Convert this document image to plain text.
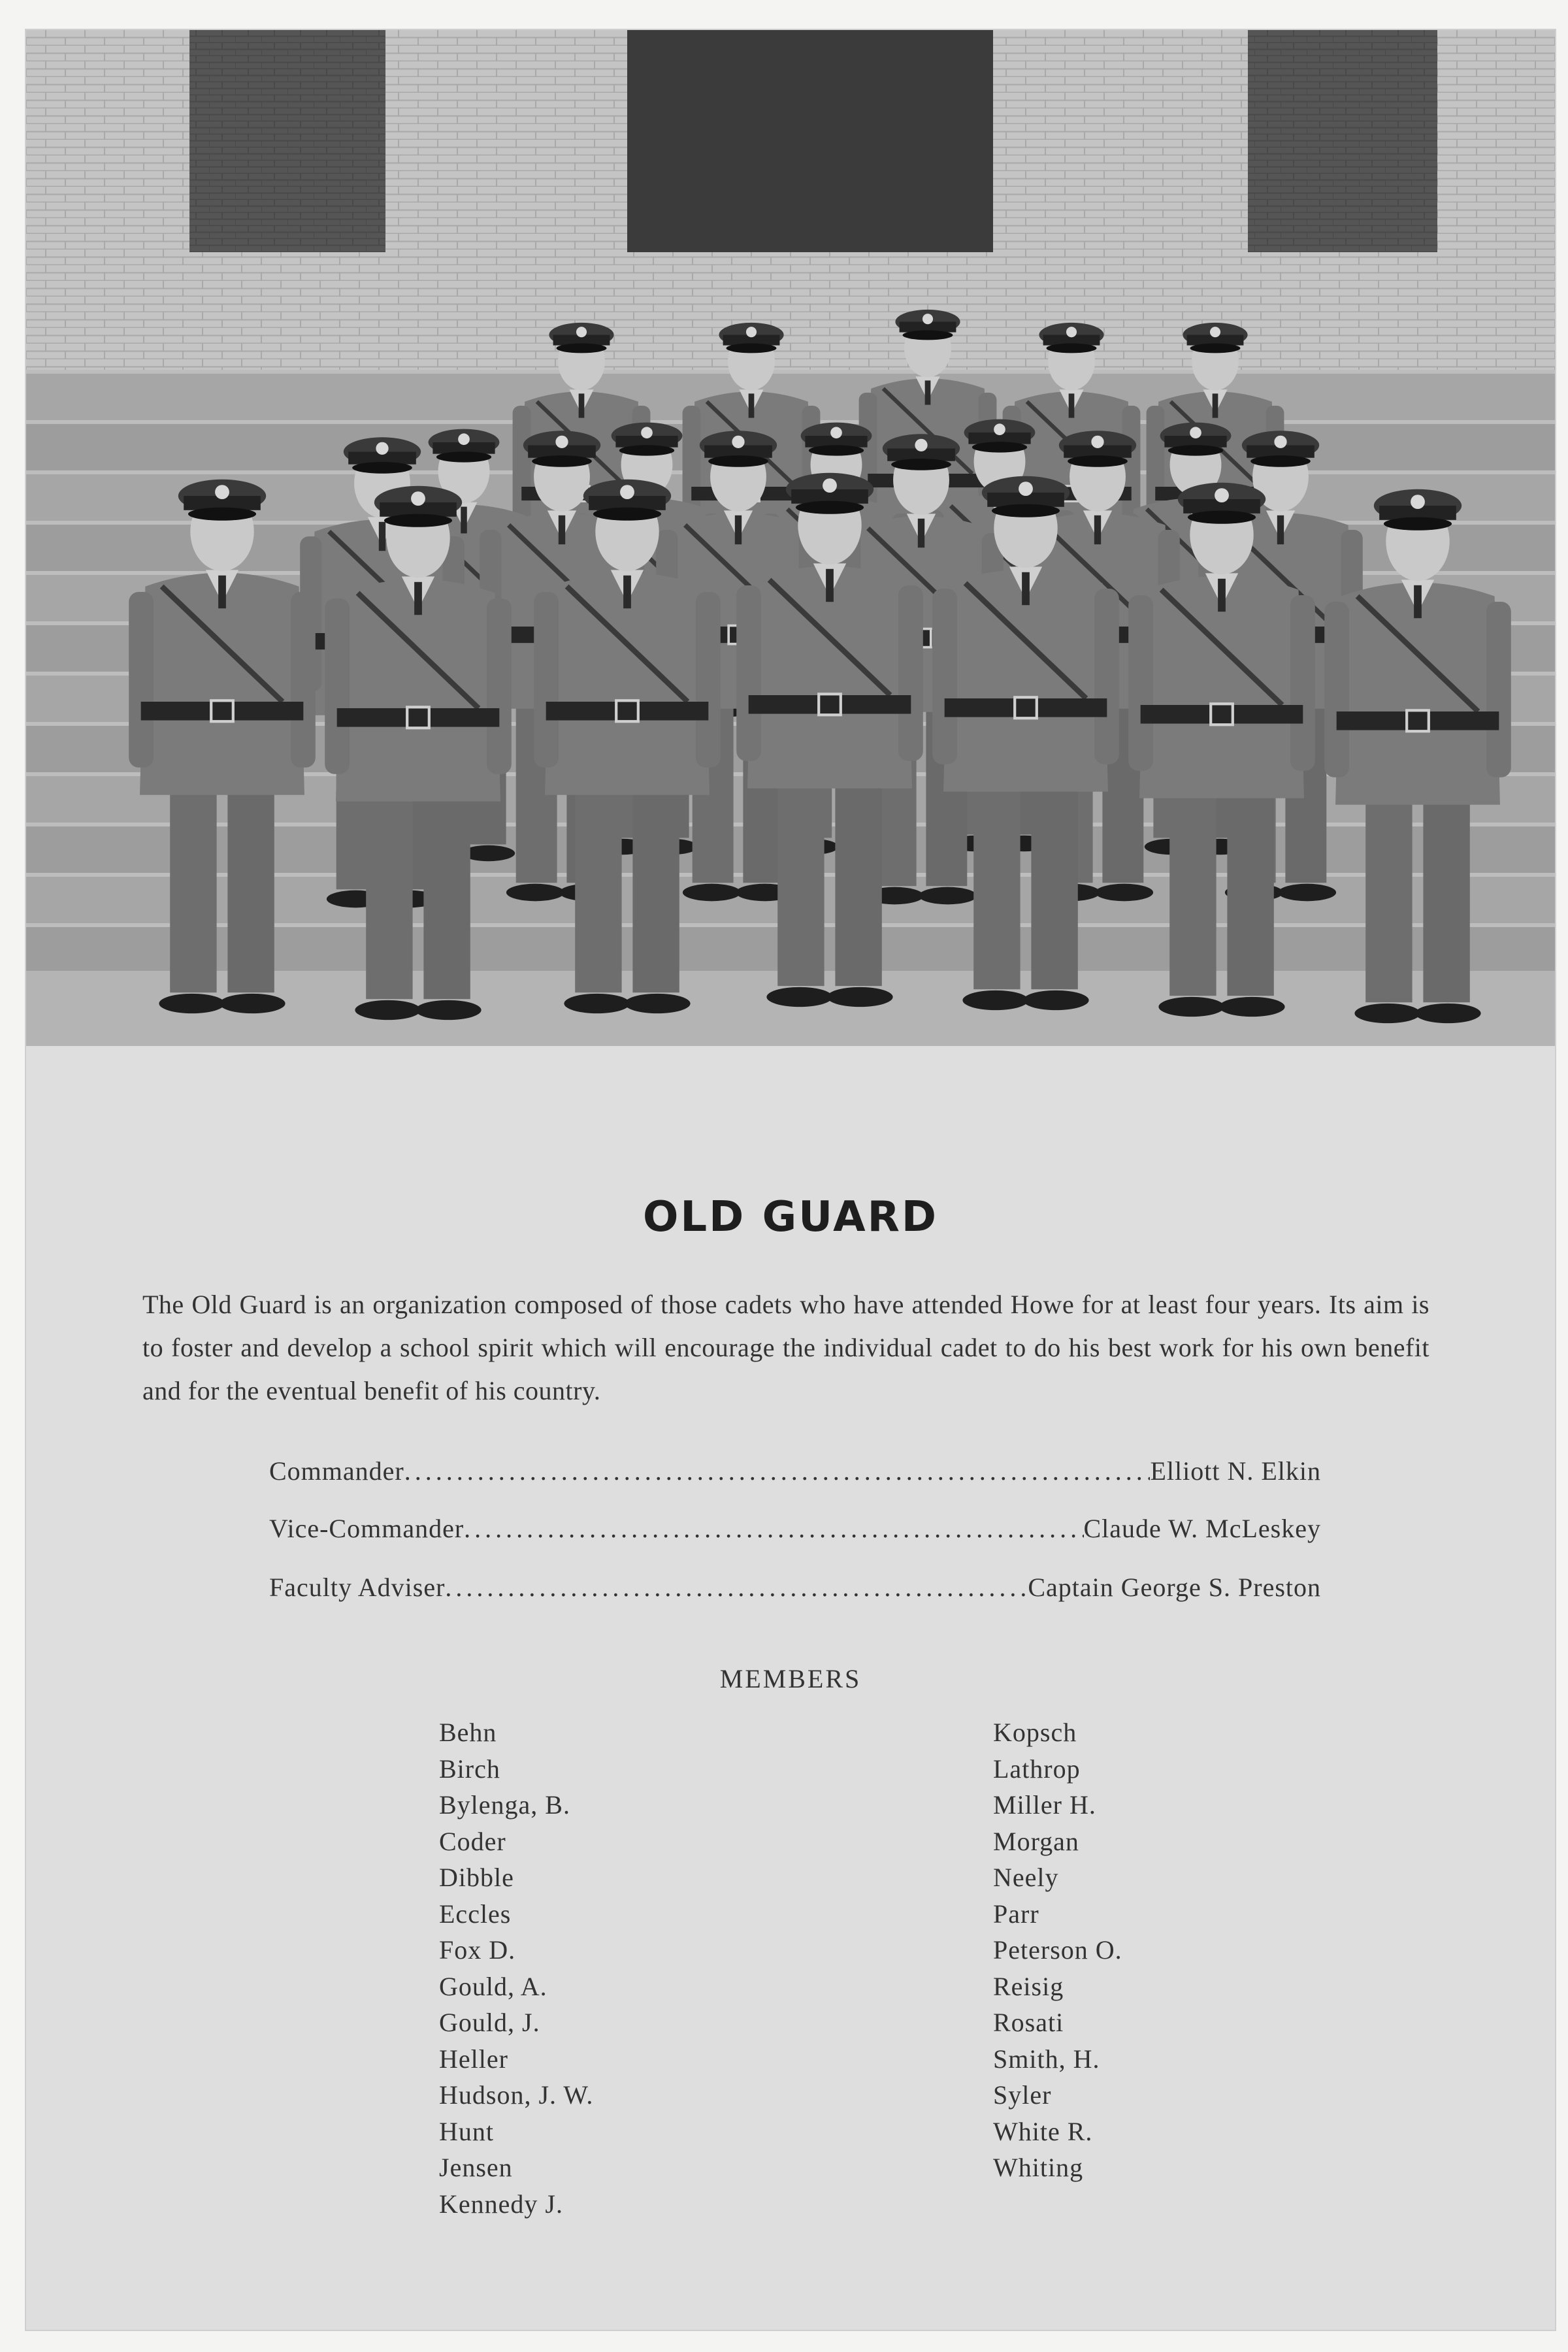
OLD GUARD

The Old Guard is an organization composed of those cadets who have attended Howe for at least four years. Its aim is to foster and develop a school spirit which will encourage the individual cadet to do his best work for his own benefit and for the eventual benefit of his country.

Commander .....	Elliott N. Elkin
Vice-Commander .....	Claude W. McLeskey
Faculty Adviser .....	Captain George S. Preston
MEMBERS
Behn
Birch
Bylenga, B.
Coder
Dibble
Eccles
Fox D.
Gould, A.
Gould, J.
Heller
Hudson, J. W.
Hunt
Jensen
Kennedy J.
Kopsch
Lathrop
Miller H.
Morgan
Neely
Parr
Peterson O.
Reisig
Rosati
Smith, H.
Syler
White R.
Whiting
